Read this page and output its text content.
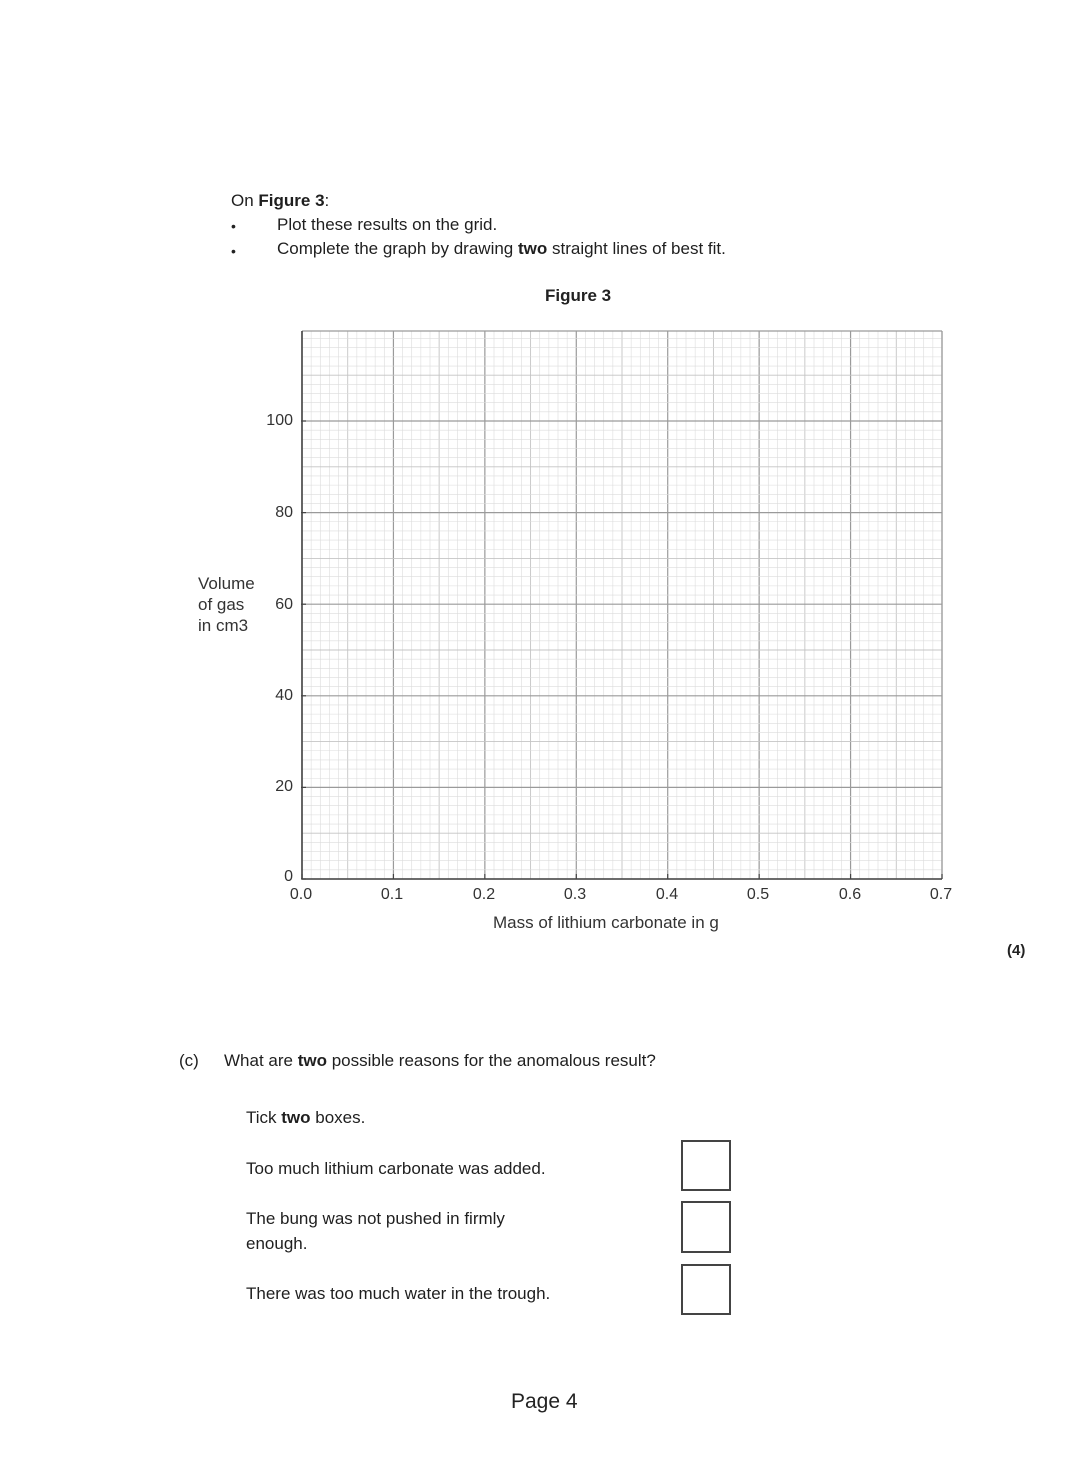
On Figure 3:
• Plot these results on the grid.
• Complete the graph by drawing two straight lines of best fit.
Figure 3
Volume
of gas
in cm3
100
80
60
40
20
0
0.0	0.1	0.2	0.3	0.4	0.5	0.6	0.7
Mass of lithium carbonate in g
(4)
(c) What are two possible reasons for the anomalous result?
Tick two boxes.
Too much lithium carbonate was added.
The bung was not pushed in firmly enough.
There was too much water in the trough.
Page 4
